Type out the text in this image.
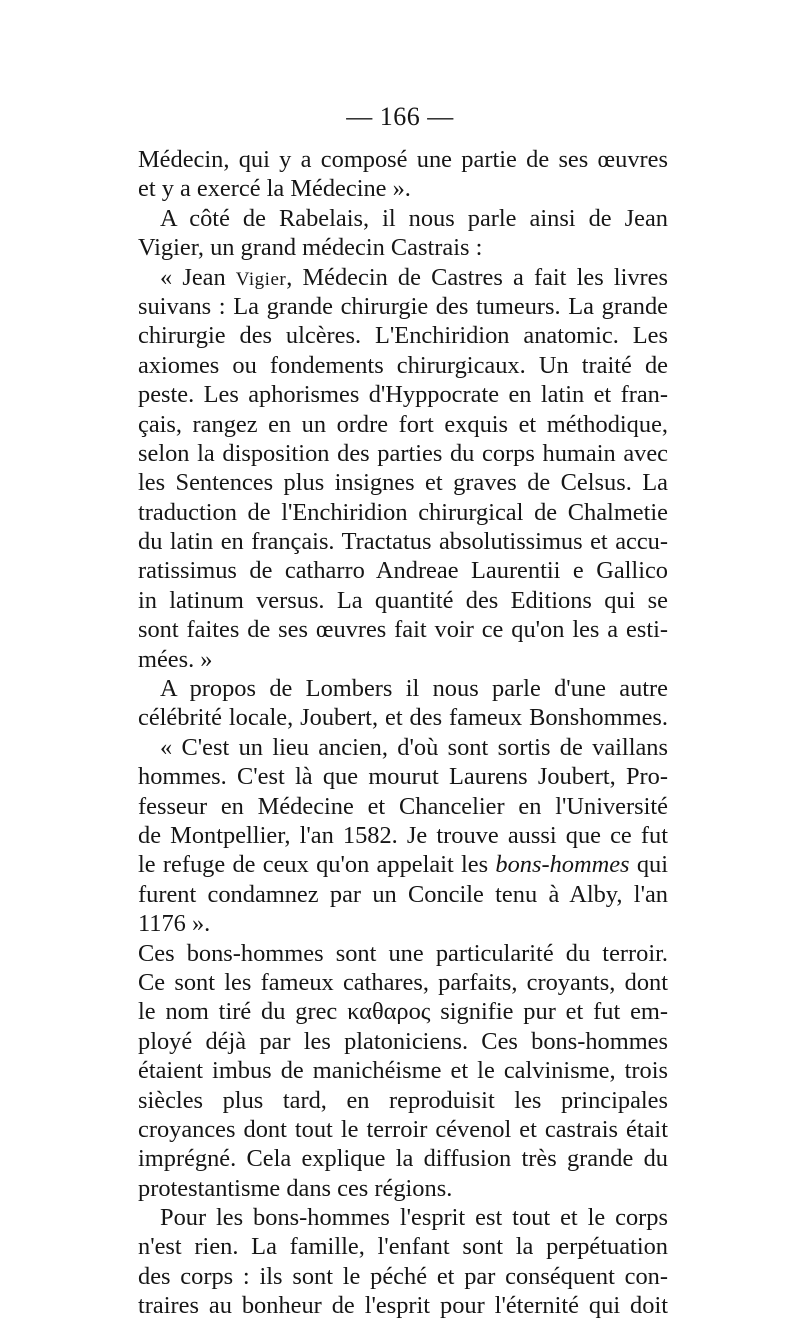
— 166 —
Médecin, qui y a composé une partie de ses œuvres
et y a exercé la Médecine ».
A côté de Rabelais, il nous parle ainsi de Jean
Vigier, un grand médecin Castrais :
« Jean Vigier, Médecin de Castres a fait les livres
suivans : La grande chirurgie des tumeurs. La grande
chirurgie des ulcères. L'Enchiridion anatomic. Les
axiomes ou fondements chirurgicaux. Un traité de
peste. Les aphorismes d'Hyppocrate en latin et fran-
çais, rangez en un ordre fort exquis et méthodique,
selon la disposition des parties du corps humain avec
les Sentences plus insignes et graves de Celsus. La
traduction de l'Enchiridion chirurgical de Chalmetie
du latin en français. Tractatus absolutissimus et accu-
ratissimus de catharro Andreae Laurentii e Gallico
in latinum versus. La quantité des Editions qui se
sont faites de ses œuvres fait voir ce qu'on les a esti-
mées. »
A propos de Lombers il nous parle d'une autre
célébrité locale, Joubert, et des fameux Bonshommes.
« C'est un lieu ancien, d'où sont sortis de vaillans
hommes. C'est là que mourut Laurens Joubert, Pro-
fesseur en Médecine et Chancelier en l'Université
de Montpellier, l'an 1582. Je trouve aussi que ce fut
le refuge de ceux qu'on appelait les bons-hommes qui
furent condamnez par un Concile tenu à Alby, l'an
1176 ».
Ces bons-hommes sont une particularité du terroir.
Ce sont les fameux cathares, parfaits, croyants, dont
le nom tiré du grec καθαρος signifie pur et fut em-
ployé déjà par les platoniciens. Ces bons-hommes
étaient imbus de manichéisme et le calvinisme, trois
siècles plus tard, en reproduisit les principales
croyances dont tout le terroir cévenol et castrais était
imprégné. Cela explique la diffusion très grande du
protestantisme dans ces régions.
Pour les bons-hommes l'esprit est tout et le corps
n'est rien. La famille, l'enfant sont la perpétuation
des corps : ils sont le péché et par conséquent con-
traires au bonheur de l'esprit pour l'éternité qui doit
